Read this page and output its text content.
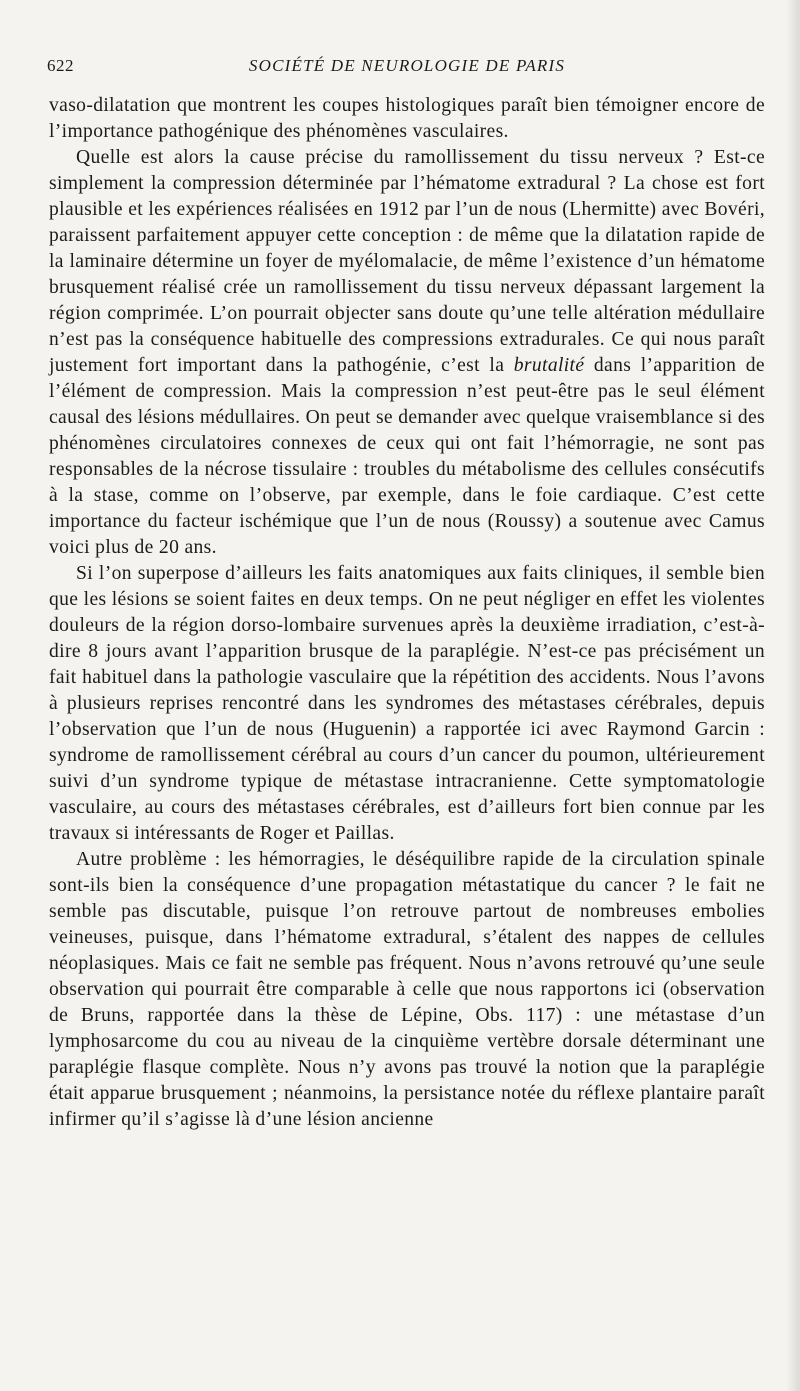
622	SOCIÉTÉ DE NEUROLOGIE DE PARIS

vaso-dilatation que montrent les coupes histologiques paraît bien témoigner encore de l’importance pathogénique des phénomènes vasculaires.

Quelle est alors la cause précise du ramollissement du tissu nerveux ? Est-ce simplement la compression déterminée par l’hématome extradural ? La chose est fort plausible et les expériences réalisées en 1912 par l’un de nous (Lhermitte) avec Bovéri, paraissent parfaitement appuyer cette conception : de même que la dilatation rapide de la laminaire détermine un foyer de myélomalacie, de même l’existence d’un hématome brusquement réalisé crée un ramollissement du tissu nerveux dépassant largement la région comprimée. L’on pourrait objecter sans doute qu’une telle altération médullaire n’est pas la conséquence habituelle des compressions extradurales. Ce qui nous paraît justement fort important dans la pathogénie, c’est la brutalité dans l’apparition de l’élément de compression. Mais la compression n’est peut-être pas le seul élément causal des lésions médullaires. On peut se demander avec quelque vraisemblance si des phénomènes circulatoires connexes de ceux qui ont fait l’hémorragie, ne sont pas responsables de la nécrose tissulaire : troubles du métabolisme des cellules consécutifs à la stase, comme on l’observe, par exemple, dans le foie cardiaque. C’est cette importance du facteur ischémique que l’un de nous (Roussy) a soutenue avec Camus voici plus de 20 ans.

Si l’on superpose d’ailleurs les faits anatomiques aux faits cliniques, il semble bien que les lésions se soient faites en deux temps. On ne peut négliger en effet les violentes douleurs de la région dorso-lombaire survenues après la deuxième irradiation, c’est-à-dire 8 jours avant l’apparition brusque de la paraplégie. N’est-ce pas précisément un fait habituel dans la pathologie vasculaire que la répétition des accidents. Nous l’avons à plusieurs reprises rencontré dans les syndromes des métastases cérébrales, depuis l’observation que l’un de nous (Huguenin) a rapportée ici avec Raymond Garcin : syndrome de ramollissement cérébral au cours d’un cancer du poumon, ultérieurement suivi d’un syndrome typique de métastase intracranienne. Cette symptomatologie vasculaire, au cours des métastases cérébrales, est d’ailleurs fort bien connue par les travaux si intéressants de Roger et Paillas.

Autre problème : les hémorragies, le déséquilibre rapide de la circulation spinale sont-ils bien la conséquence d’une propagation métastatique du cancer ? le fait ne semble pas discutable, puisque l’on retrouve partout de nombreuses embolies veineuses, puisque, dans l’hématome extradural, s’étalent des nappes de cellules néoplasiques. Mais ce fait ne semble pas fréquent. Nous n’avons retrouvé qu’une seule observation qui pourrait être comparable à celle que nous rapportons ici (observation de Bruns, rapportée dans la thèse de Lépine, Obs. 117) : une métastase d’un lymphosarcome du cou au niveau de la cinquième vertèbre dorsale déterminant une paraplégie flasque complète. Nous n’y avons pas trouvé la notion que la paraplégie était apparue brusquement ; néanmoins, la persistance notée du réflexe plantaire paraît infirmer qu’il s’agisse là d’une lésion ancienne
